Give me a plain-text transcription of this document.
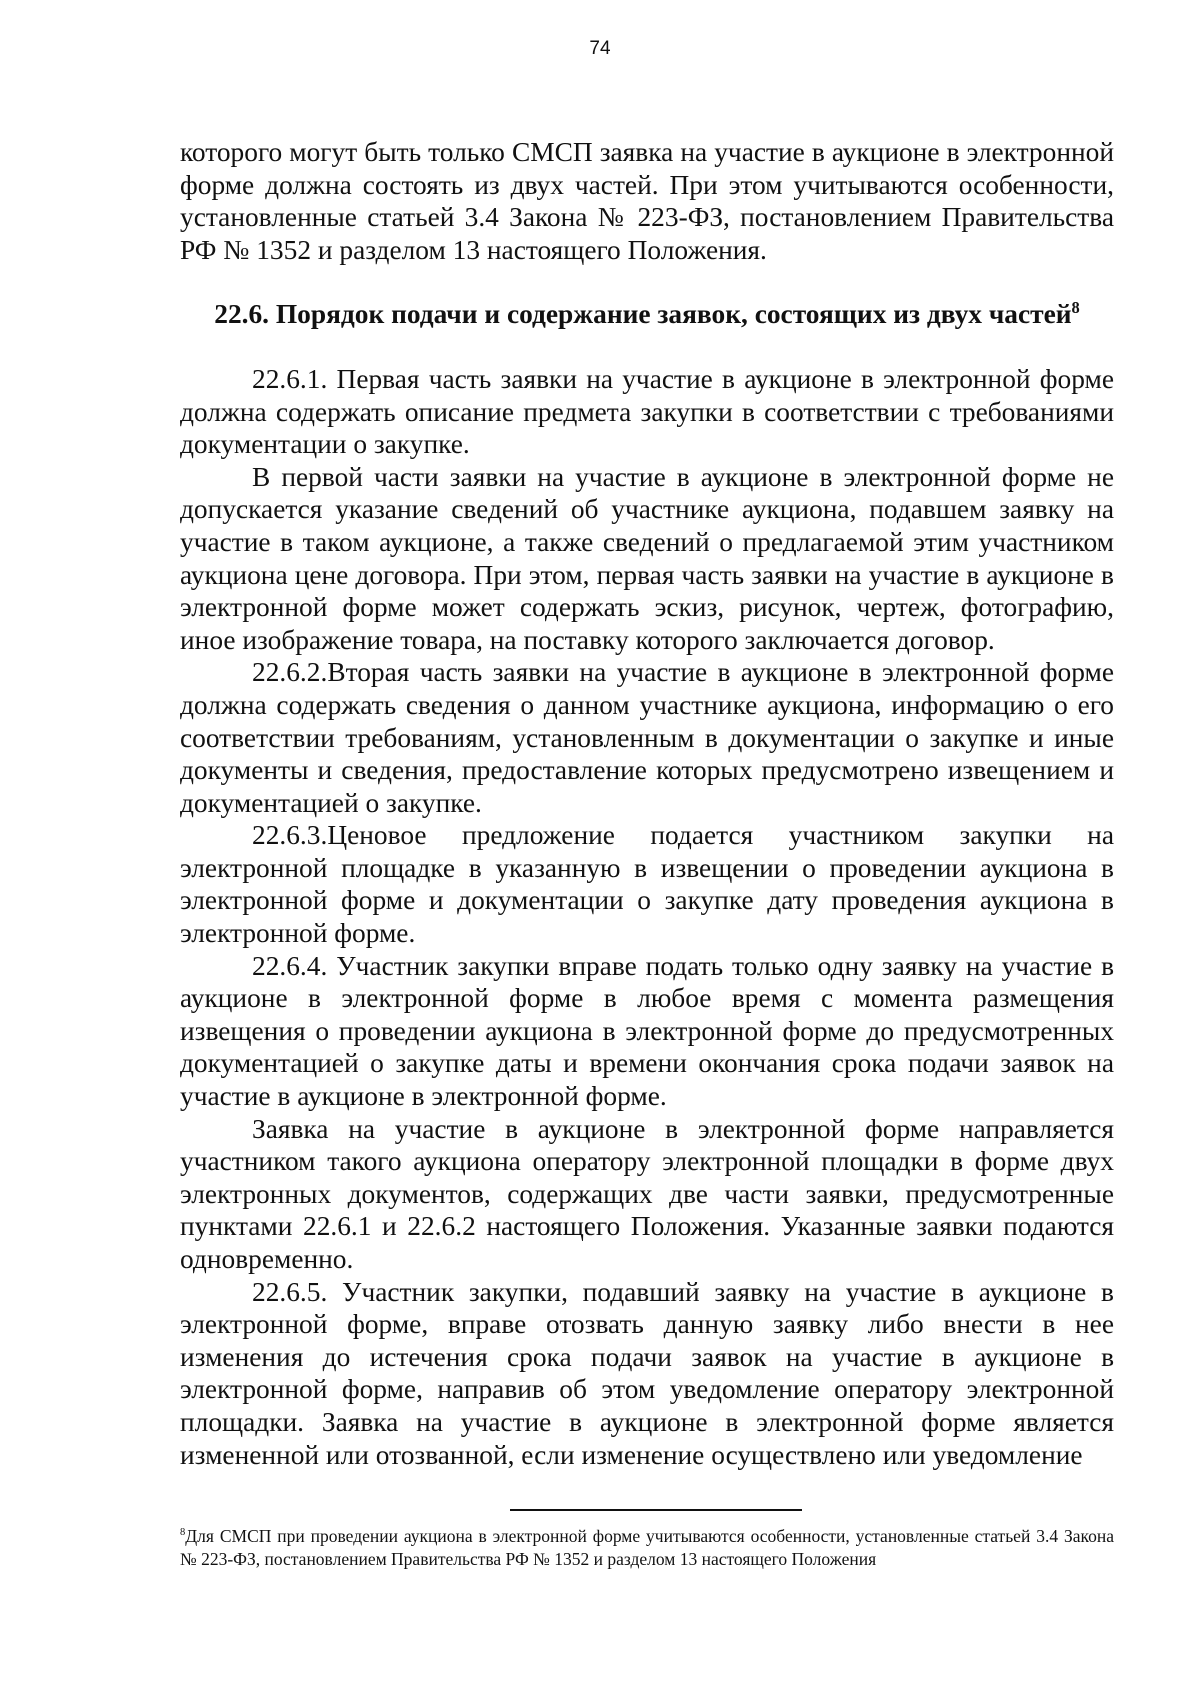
74

которого могут быть только СМСП заявка на участие в аукционе в электронной форме должна состоять из двух частей. При этом учитываются особенности, установленные статьей 3.4 Закона № 223-ФЗ, постановлением Правительства РФ № 1352 и разделом 13 настоящего Положения.

22.6. Порядок подачи и содержание заявок, состоящих из двух частей$^8$

22.6.1. Первая часть заявки на участие в аукционе в электронной форме должна содержать описание предмета закупки в соответствии с требованиями документации о закупке.

В первой части заявки на участие в аукционе в электронной форме не допускается указание сведений об участнике аукциона, подавшем заявку на участие в таком аукционе, а также сведений о предлагаемой этим участником аукциона цене договора. При этом, первая часть заявки на участие в аукционе в электронной форме может содержать эскиз, рисунок, чертеж, фотографию, иное изображение товара, на поставку которого заключается договор.

22.6.2.Вторая часть заявки на участие в аукционе в электронной форме должна содержать сведения о данном участнике аукциона, информацию о его соответствии требованиям, установленным в документации о закупке и иные документы и сведения, предоставление которых предусмотрено извещением и документацией о закупке.

22.6.3.Ценовое предложение подается участником закупки на электронной площадке в указанную в извещении о проведении аукциона в электронной форме и документации о закупке дату проведения аукциона в электронной форме.

22.6.4. Участник закупки вправе подать только одну заявку на участие в аукционе в электронной форме в любое время с момента размещения извещения о проведении аукциона в электронной форме до предусмотренных документацией о закупке даты и времени окончания срока подачи заявок на участие в аукционе в электронной форме.

Заявка на участие в аукционе в электронной форме направляется участником такого аукциона оператору электронной площадки в форме двух электронных документов, содержащих две части заявки, предусмотренные пунктами 22.6.1 и 22.6.2 настоящего Положения. Указанные заявки подаются одновременно.

22.6.5. Участник закупки, подавший заявку на участие в аукционе в электронной форме, вправе отозвать данную заявку либо внести в нее изменения до истечения срока подачи заявок на участие в аукционе в электронной форме, направив об этом уведомление оператору электронной площадки. Заявка на участие в аукционе в электронной форме является измененной или отозванной, если изменение осуществлено или уведомление

$^8$Для СМСП при проведении аукциона в электронной форме учитываются особенности, установленные статьей 3.4 Закона № 223-ФЗ, постановлением Правительства РФ № 1352 и разделом 13 настоящего Положения
